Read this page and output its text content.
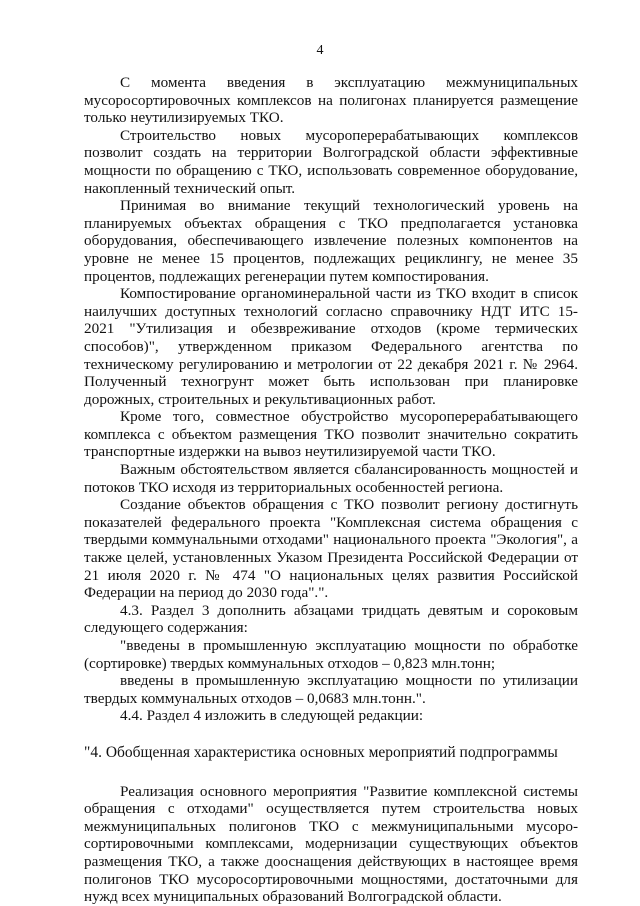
4

С момента введения в эксплуатацию межмуниципальных мусоросортировочных комплексов на полигонах планируется размещение только неутилизируемых ТКО.

Строительство новых мусороперерабатывающих комплексов позволит создать на территории Волгоградской области эффективные мощности по обращению с ТКО, использовать современное оборудование, накопленный технический опыт.

Принимая во внимание текущий технологический уровень на планируемых объектах обращения с ТКО предполагается установка оборудования, обеспечивающего извлечение полезных компонентов на уровне не менее 15 процентов, подлежащих рециклингу, не менее 35 процентов, подлежащих регенерации путем компостирования.

Компостирование органоминеральной части из ТКО входит в список наилучших доступных технологий согласно справочнику НДТ ИТС 15-2021 "Утилизация и обезвреживание отходов (кроме термических способов)", утвержденном приказом Федерального агентства по техническому регулированию и метрологии от 22 декабря 2021 г. № 2964. Полученный техногрунт может быть использован при планировке дорожных, строительных и рекультивационных работ.

Кроме того, совместное обустройство мусороперерабатывающего комплекса с объектом размещения ТКО позволит значительно сократить транспортные издержки на вывоз неутилизируемой части ТКО.

Важным обстоятельством является сбалансированность мощностей и потоков ТКО исходя из территориальных особенностей региона.

Создание объектов обращения с ТКО позволит региону достигнуть показателей федерального проекта "Комплексная система обращения с твердыми коммунальными отходами" национального проекта "Экология", а также целей, установленных Указом Президента Российской Федерации от 21 июля 2020 г. № 474 "О национальных целях развития Российской Федерации на период до 2030 года".".

4.3. Раздел 3 дополнить абзацами тридцать девятым и сороковым следующего содержания:

"введены в промышленную эксплуатацию мощности по обработке (сортировке) твердых коммунальных отходов – 0,823 млн.тонн;

введены в промышленную эксплуатацию мощности по утилизации твердых коммунальных отходов – 0,0683 млн.тонн.".

4.4. Раздел 4 изложить в следующей редакции:

"4. Обобщенная характеристика основных мероприятий подпрограммы

Реализация основного мероприятия "Развитие комплексной системы обращения с отходами" осуществляется путем строительства новых межмуниципальных полигонов ТКО с межмуниципальными мусоро-сортировочными комплексами, модернизации существующих объектов размещения ТКО, а также дооснащения действующих в настоящее время полигонов ТКО мусоросортировочными мощностями, достаточными для нужд всех муниципальных образований Волгоградской области.
